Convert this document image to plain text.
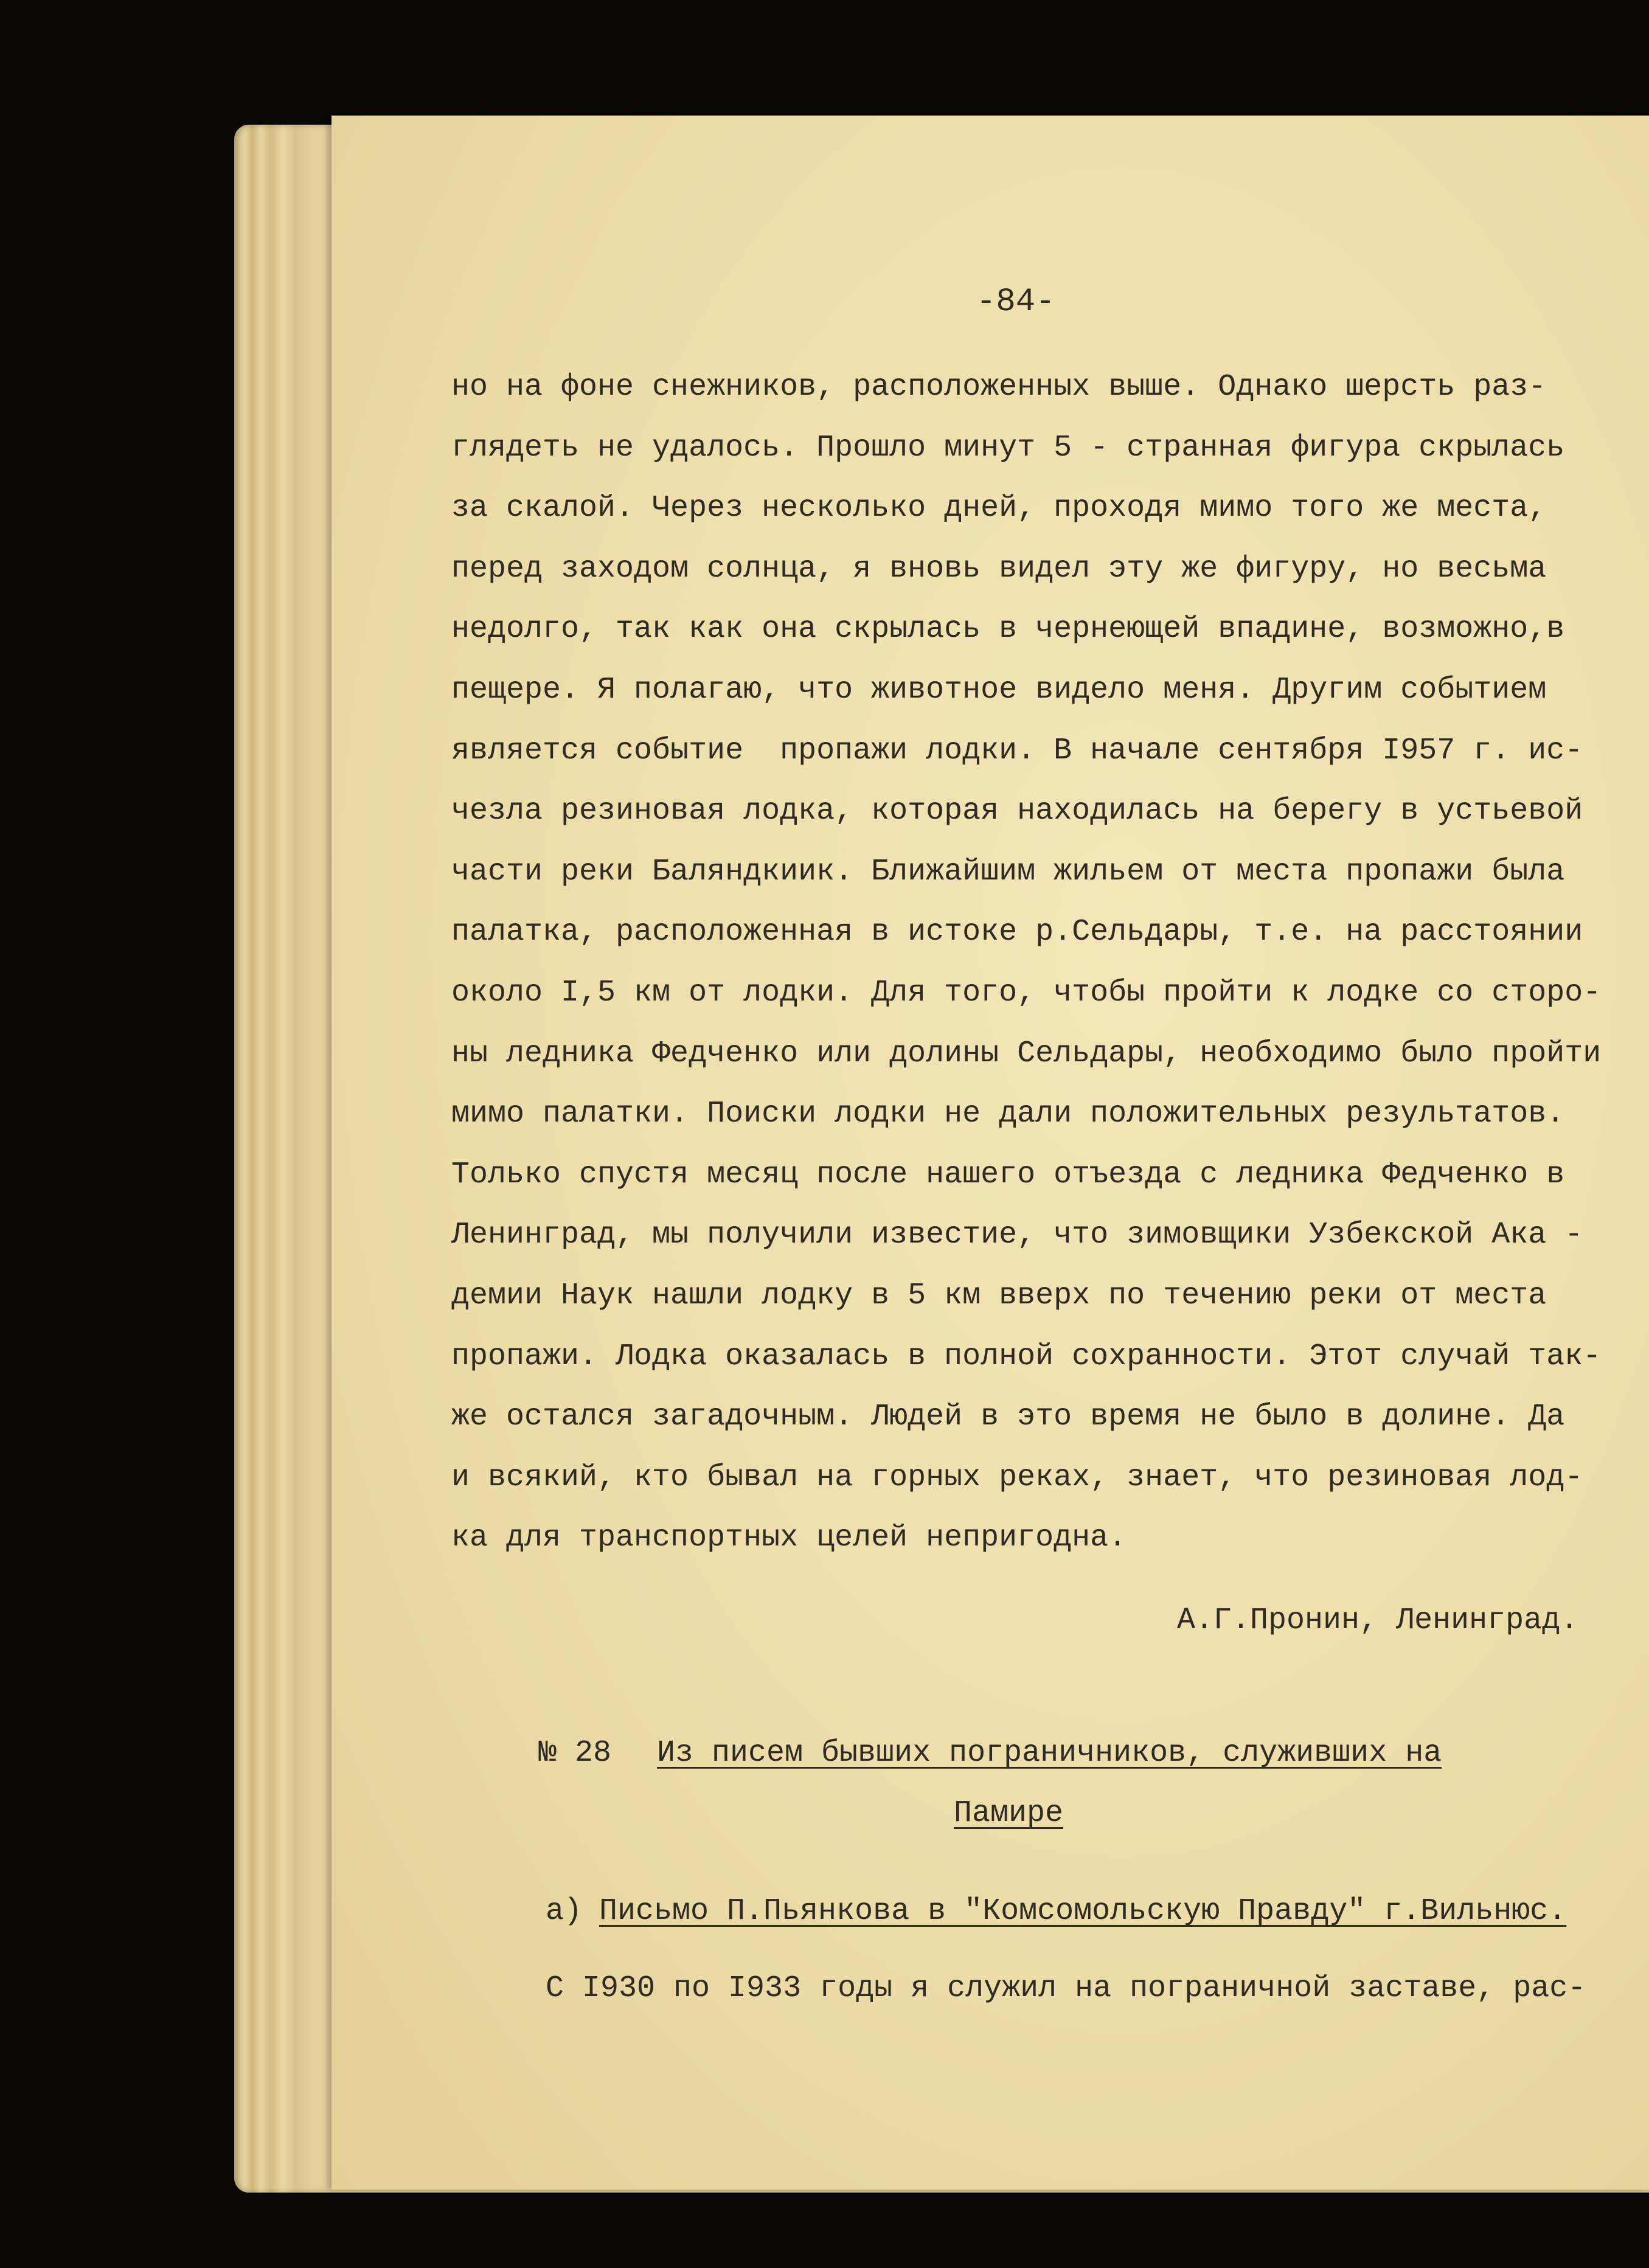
-84-
но на фоне снежников, расположенных выше. Однако шерсть раз-
глядеть не удалось. Прошло минут 5 - странная фигура скрылась
за скалой. Через несколько дней, проходя мимо того же места,
перед заходом солнца, я вновь видел эту же фигуру, но весьма
недолго, так как она скрылась в чернеющей впадине, возможно,в
пещере. Я полагаю, что животное видело меня. Другим событием
является событие  пропажи лодки. В начале сентября I957 г. ис-
чезла резиновая лодка, которая находилась на берегу в устьевой
части реки Баляндкиик. Ближайшим жильем от места пропажи была
палатка, расположенная в истоке р.Сельдары, т.е. на расстоянии
около I,5 км от лодки. Для того, чтобы пройти к лодке со сторо-
ны ледника Федченко или долины Сельдары, необходимо было пройти
мимо палатки. Поиски лодки не дали положительных результатов.
Только спустя месяц после нашего отъезда с ледника Федченко в
Ленинград, мы получили известие, что зимовщики Узбекской Ака -
демии Наук нашли лодку в 5 км вверх по течению реки от места
пропажи. Лодка оказалась в полной сохранности. Этот случай так-
же остался загадочным. Людей в это время не было в долине. Да
и всякий, кто бывал на горных реках, знает, что резиновая лод-
ка для транспортных целей непригодна.
А.Г.Пронин, Ленинград.
№ 28 Из писем бывших пограничников, служивших на
Памире
а) Письмо П.Пьянкова в "Комсомольскую Правду" г.Вильнюс.
С I930 по I933 годы я служил на пограничной заставе, рас-
